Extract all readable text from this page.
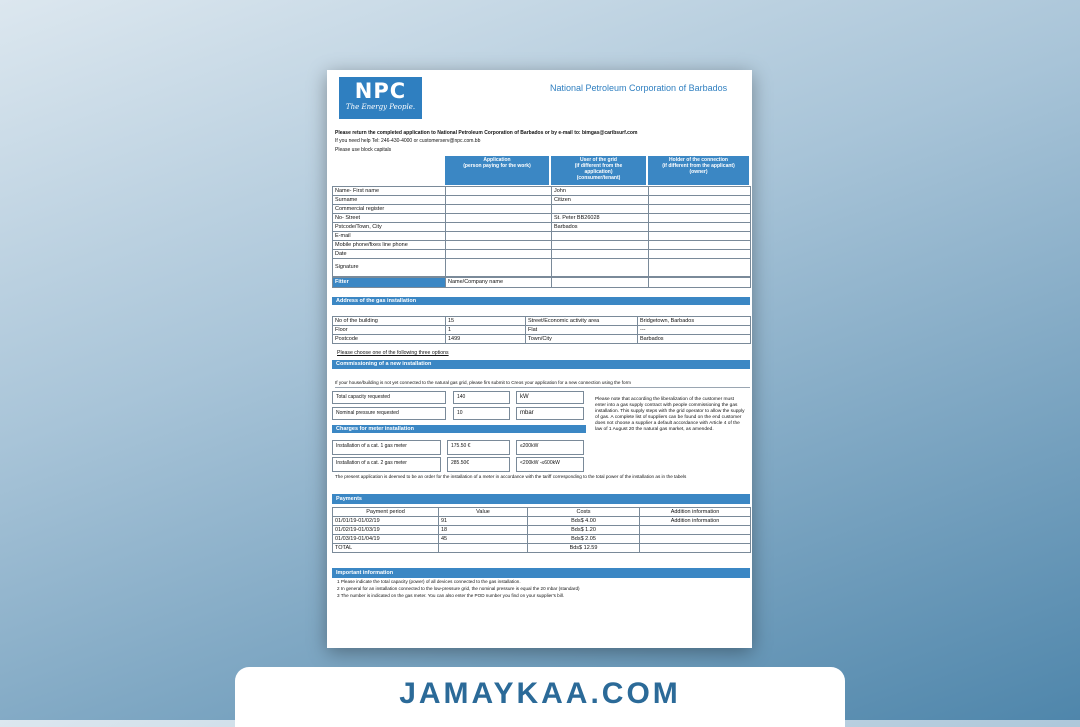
NPC
The Energy People.
National Petroleum Corporation of Barbados
Please return the completed application to National Petroleum Corporation of Barbados or by e-mail to: bimgas@caribsurf.com
If you need help Tel: 246-430-4000 or customerserv@npc.com.bb
Please use block capitals
Application
(person paying for the work)
User of the grid
(if different from the
application)
(consumer/tenant)
Holder of the connection
(if different from the applicant)
(owner)
Name- First name		John	
Surname		Citizen	
Commercial register			
No- Street		St. Peter BB26028	
Pstcode/Town, City		Barbados	
E-mail			
Mobile phone/fixes line phone			
Date			
Signature			
Fitter	Name/Company name		
Address of the gas installation
No of the building	15	Street/Economic activity area	Bridgetown, Barbados
Floor	1	Flat	---
Postcode	1499	Town/City	Barbados
Please choose one of the following three options
Commissioning of a new installation
If your house/building is not yet connected to the natural gas grid, please firs submit to Creos your application for a new connection using the form
Total capacity requested	140	kW
Nominal pressure requested	10	mbar
Charges for meter installation
Installation of a cat. 1 gas meter	175.50 €	≤200kW
Installation of a cat. 2 gas meter	285.50€	<200kW -≤600kW
Please note that according the liberalization of the customer must enter into a gas supply contract with people commissioning the gas installation. This supply steps with the grid operator to allow the supply of gas. A complete list of suppliers can be found on the end customer does not choose a supplier a default accordance with Article 4 of the law of 1 August 20 the natural gas market, as amended.
The present application is deemed to be an order for the installation of a meter in accordance with the tariff corresponding to the total power of the installation as in the tabels
Payments
Payment period	Value	Costs	Addition information
01/01/19-01/02/19	91	Bds$ 4.00	Addition information
01/02/19-01/03/19	18	Bds$ 1.20	
01/03/19-01/04/19	45	Bds$ 2.05	
TOTAL		Bds$ 12.59	
Important information
1 Please indicate the total capacity (power) of all devices connected to the gas installation.
2 In general for an installation connected to the low-pressure grid, the nominal pressure is equal the 20 mbar (standard)
3 The number is indicated on the gas meter. You can also enter the POD number you find on your supplier's bill.
JAMAYKAA.COM
